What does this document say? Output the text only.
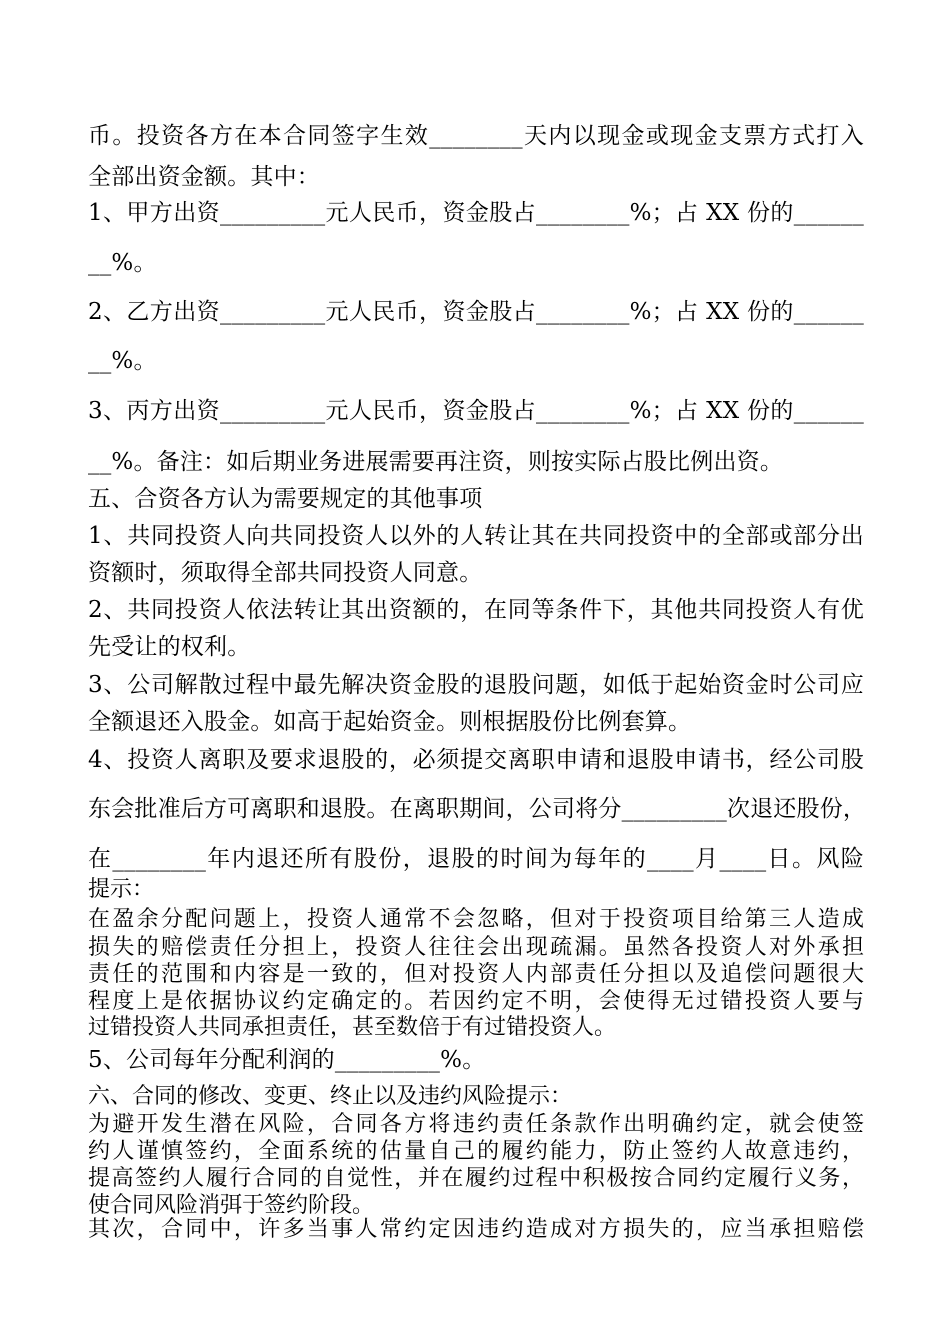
币。投资各方在本合同签字生效________天内以现金或现金支票方式打入
全部出资金额。其中：
1、甲方出资_________元人民币，资金股占________%；占 XX 份的______
__%。
2、乙方出资_________元人民币，资金股占________%；占 XX 份的______
__%。
3、丙方出资_________元人民币，资金股占________%；占 XX 份的______
__%。备注：如后期业务进展需要再注资，则按实际占股比例出资。
五、合资各方认为需要规定的其他事项
1、共同投资人向共同投资人以外的人转让其在共同投资中的全部或部分出
资额时，须取得全部共同投资人同意。
2、共同投资人依法转让其出资额的，在同等条件下，其他共同投资人有优
先受让的权利。
3、公司解散过程中最先解决资金股的退股问题，如低于起始资金时公司应
全额退还入股金。如高于起始资金。则根据股份比例套算。
4、投资人离职及要求退股的，必须提交离职申请和退股申请书，经公司股
东会批准后方可离职和退股。在离职期间，公司将分_________次退还股份，
在________年内退还所有股份，退股的时间为每年的____月____日。风险
提示：
在盈余分配问题上，投资人通常不会忽略，但对于投资项目给第三人造成
损失的赔偿责任分担上，投资人往往会出现疏漏。虽然各投资人对外承担
责任的范围和内容是一致的，但对投资人内部责任分担以及追偿问题很大
程度上是依据协议约定确定的。若因约定不明，会使得无过错投资人要与
过错投资人共同承担责任，甚至数倍于有过错投资人。
5、公司每年分配利润的_________%。
六、合同的修改、变更、终止以及违约风险提示：
为避开发生潜在风险，合同各方将违约责任条款作出明确约定，就会使签
约人谨慎签约，全面系统的估量自己的履约能力，防止签约人故意违约，
提高签约人履行合同的自觉性，并在履约过程中积极按合同约定履行义务，
使合同风险消弭于签约阶段。
其次，合同中，许多当事人常约定因违约造成对方损失的，应当承担赔偿
